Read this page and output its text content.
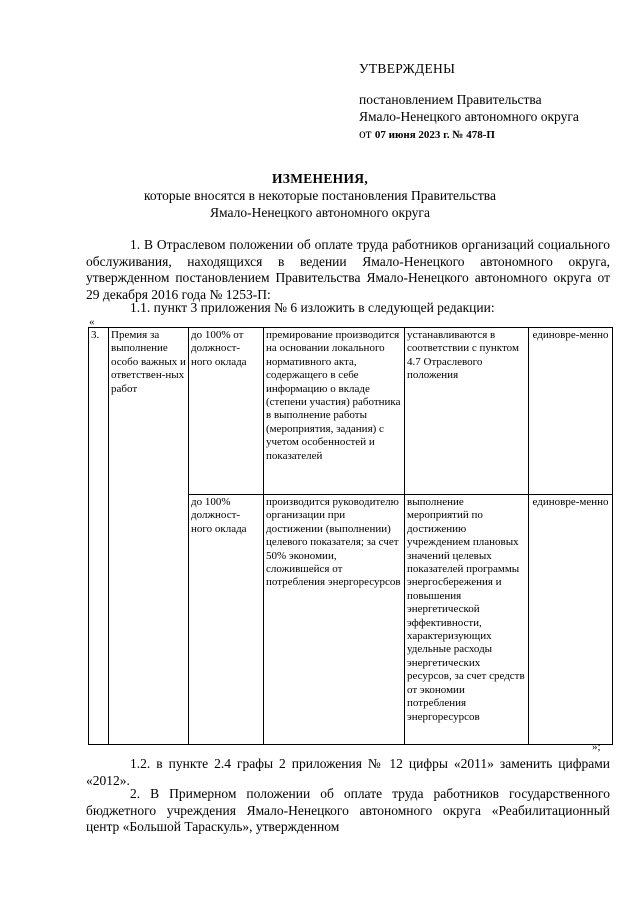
УТВЕРЖДЕНЫ
постановлением Правительства
Ямало-Ненецкого автономного округа
от 07 июня 2023 г. № 478-П
ИЗМЕНЕНИЯ,
которые вносятся в некоторые постановления Правительства
Ямало-Ненецкого автономного округа
1. В Отраслевом положении об оплате труда работников организаций социального обслуживания, находящихся в ведении Ямало-Ненецкого автономного округа, утвержденном постановлением Правительства Ямало-Ненецкого автономного округа от 29 декабря 2016 года № 1253-П:
1.1. пункт 3 приложения № 6 изложить в следующей редакции:
«
3.	Премия за выполнение особо важных и ответствен-ных работ	до 100% от должност-ного оклада	премирование производится на основании локального нормативного акта, содержащего в себе информацию о вкладе (степени участия) работника в выполнение работы (мероприятия, задания) с учетом особенностей и показателей	устанавливаются в соответствии с пунктом 4.7 Отраслевого положения	единовре-менно
		до 100% должност-ного оклада	производится руководителю организации при достижении (выполнении) целевого показателя; за счет 50% экономии, сложившейся от потребления энергоресурсов	выполнение мероприятий по достижению учреждением плановых значений целевых показателей программы энергосбережения и повышения энергетической эффективности, характеризующих удельные расходы энергетических ресурсов, за счет средств от экономии потребления энергоресурсов	единовре-менно
»;
1.2. в пункте 2.4 графы 2 приложения № 12 цифры «2011» заменить цифрами «2012».
2. В Примерном положении об оплате труда работников государственного бюджетного учреждения Ямало-Ненецкого автономного округа «Реабилитационный центр «Большой Тараскуль», утвержденном
